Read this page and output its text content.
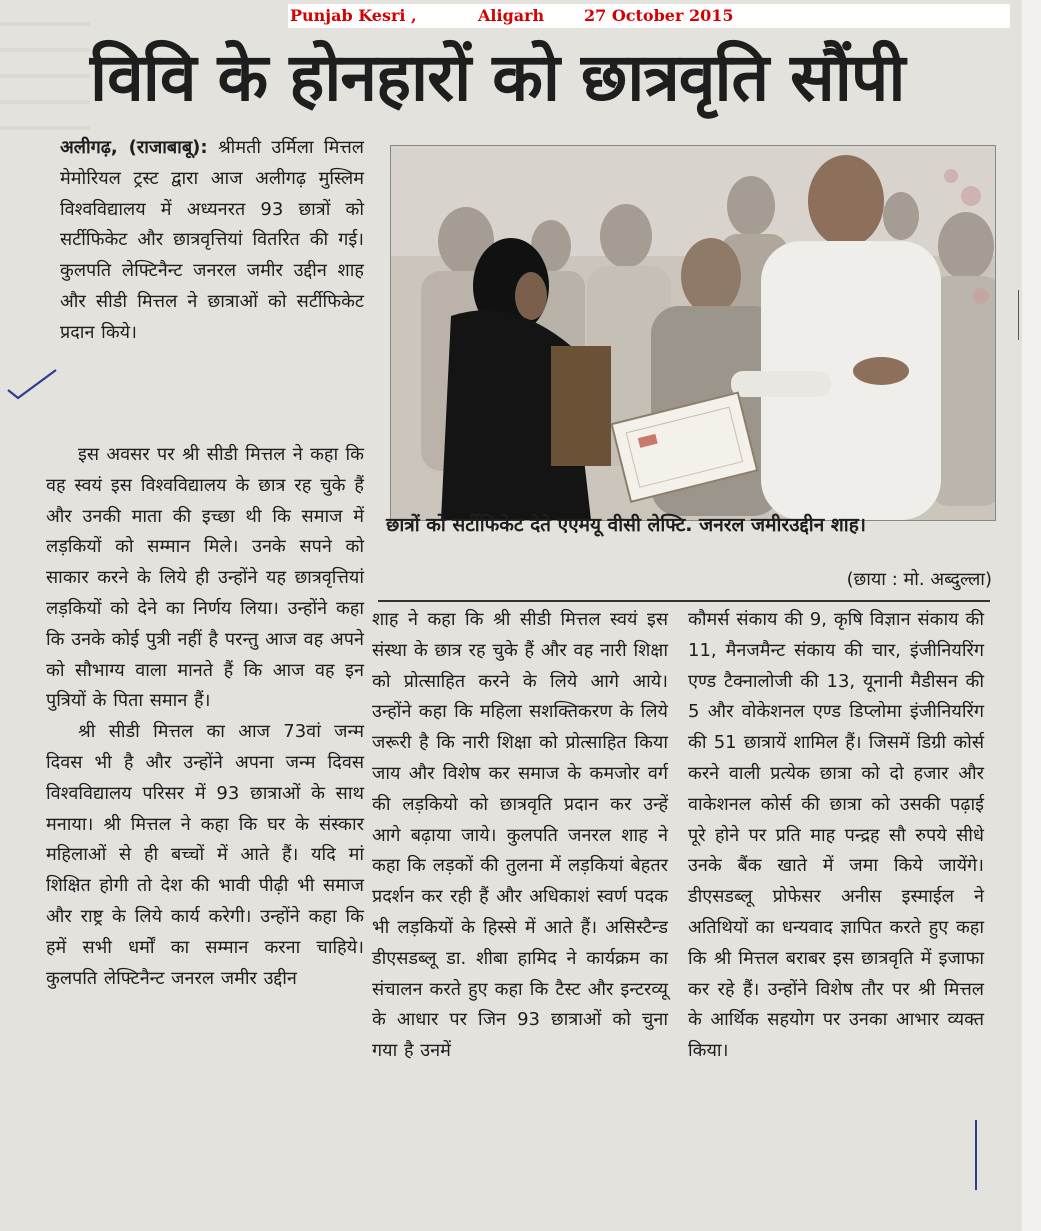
Punjab Kesri ,	Aligarh 27 October 2015
विवि के होनहारों को छात्रवृति सौंपी

अलीगढ़, (राजाबाबू): श्रीमती उर्मिला मित्तल मेमोरियल ट्रस्ट द्वारा आज अलीगढ़ मुस्लिम विश्वविद्यालय में अध्यनरत 93 छात्रों को सर्टीफिकेट और छात्रवृत्तियां वितरित की गई। कुलपति लेफ्टिनैन्ट जनरल जमीर उद्दीन शाह और सीडी मित्तल ने छात्राओं को सर्टीफिकेट प्रदान किये।

इस अवसर पर श्री सीडी मित्तल ने कहा कि वह स्वयं इस विश्वविद्यालय के छात्र रह चुके हैं और उनकी माता की इच्छा थी कि समाज में लड़कियों को सम्मान मिले। उनके सपने को साकार करने के लिये ही उन्होंने यह छात्रवृत्तियां लड़कियों को देने का निर्णय लिया। उन्होंने कहा कि उनके कोई पुत्री नहीं है परन्तु आज वह अपने को सौभाग्य वाला मानते हैं कि आज वह इन पुत्रियों के पिता समान हैं।

श्री सीडी मित्तल का आज 73वां जन्म दिवस भी है और उन्होंने अपना जन्म दिवस विश्वविद्यालय परिसर में 93 छात्राओं के साथ मनाया। श्री मित्तल ने कहा कि घर के संस्कार महिलाओं से ही बच्चों में आते हैं। यदि मां शिक्षित होगी तो देश की भावी पीढ़ी भी समाज और राष्ट्र के लिये कार्य करेगी। उन्होंने कहा कि हमें सभी धर्मों का सम्मान करना चाहिये। कुलपति लेफ्टिनैन्ट जनरल जमीर उद्दीन

छात्रों को सर्टीफिकेट देते एएमयू वीसी लेफ्टि. जनरल जमीरउद्दीन शाह।
(छाया : मो. अब्दुल्ला)

शाह ने कहा कि श्री सीडी मित्तल स्वयं इस संस्था के छात्र रह चुके हैं और वह नारी शिक्षा को प्रोत्साहित करने के लिये आगे आये। उन्होंने कहा कि महिला सशक्तिकरण के लिये जरूरी है कि नारी शिक्षा को प्रोत्साहित किया जाय और विशेष कर समाज के कमजोर वर्ग की लड़कियो को छात्रवृति प्रदान कर उन्हें आगे बढ़ाया जाये। कुलपति जनरल शाह ने कहा कि लड़कों की तुलना में लड़कियां बेहतर प्रदर्शन कर रही हैं और अधिकाशं स्वर्ण पदक भी लड़कियों के हिस्से में आते हैं। असिस्टैन्ड डीएसडब्लू डा. शीबा हामिद ने कार्यक्रम का संचालन करते हुए कहा कि टैस्ट और इन्टरव्यू के आधार पर जिन 93 छात्राओं को चुना गया है उनमें

कौमर्स संकाय की 9, कृषि विज्ञान संकाय की 11, मैनजमैन्ट संकाय की चार, इंजीनियरिंग एण्ड टैक्नालोजी की 13, यूनानी मैडीसन की 5 और वोकेशनल एण्ड डिप्लोमा इंजीनियरिंग की 51 छात्रायें शामिल हैं। जिसमें डिग्री कोर्स करने वाली प्रत्येक छात्रा को दो हजार और वाकेशनल कोर्स की छात्रा को उसकी पढ़ाई पूरे होने पर प्रति माह पन्द्रह सौ रुपये सीधे उनके बैंक खाते में जमा किये जायेंगे। डीएसडब्लू प्रोफेसर अनीस इस्माईल ने अतिथियों का धन्यवाद ज्ञापित करते हुए कहा कि श्री मित्तल बराबर इस छात्रवृति में इजाफा कर रहे हैं। उन्होंने विशेष तौर पर श्री मित्तल के आर्थिक सहयोग पर उनका आभार व्यक्त किया।
